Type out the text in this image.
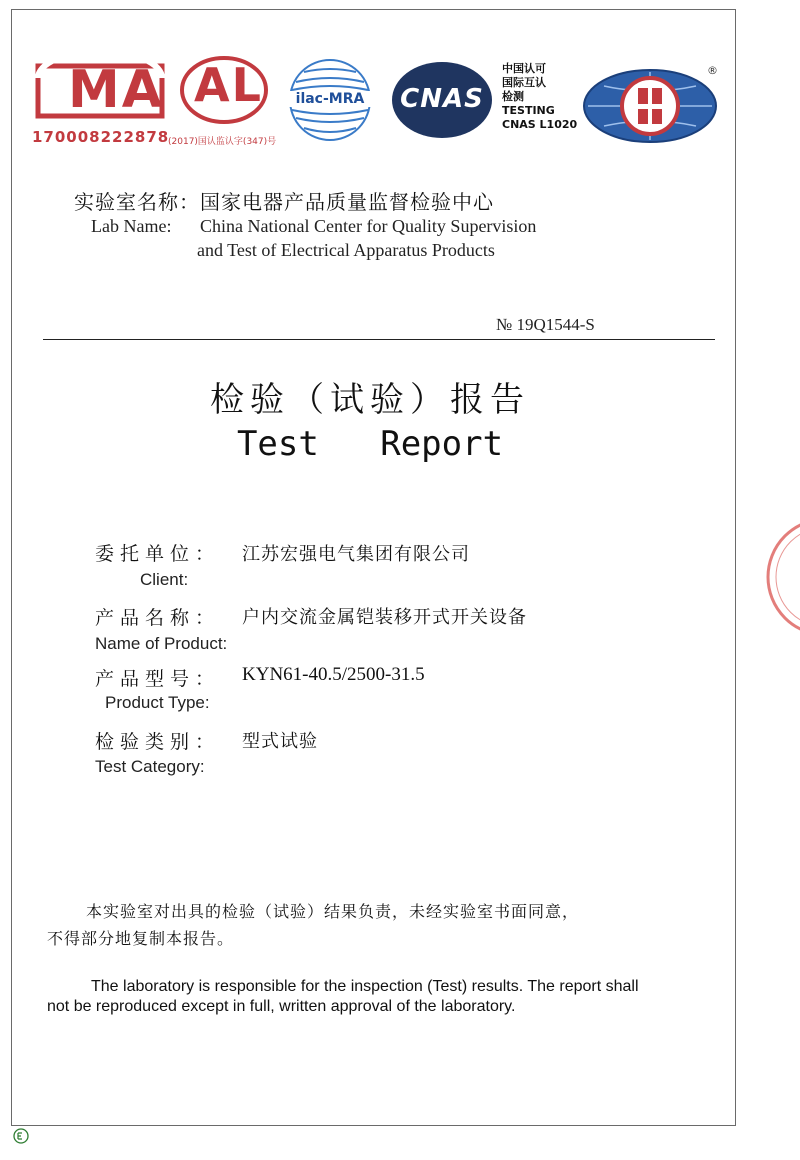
MA
170008222878
AL
(2017)国认监认字(347)号
ilac-MRA	CNAS
中国认可
国际互认
检测
TESTING
CNAS L1020
®
实验室名称：国家电器产品质量监督检验中心
Lab Name: China National Center for Quality Supervision
and Test of Electrical Apparatus Products
№ 19Q1544-S
检验（试验）报告
Test   Report
委托单位： 江苏宏强电气集团有限公司
Client:
产品名称： 户内交流金属铠装移开式开关设备
Name of Product:
产品型号： KYN61-40.5/2500-31.5
Product Type:
检验类别： 型式试验
Test Category:
本实验室对出具的检验（试验）结果负责，未经实验室书面同意，
不得部分地复制本报告。
The laboratory is responsible for the inspection (Test) results. The report shall
not be reproduced except in full, written approval of the laboratory.
